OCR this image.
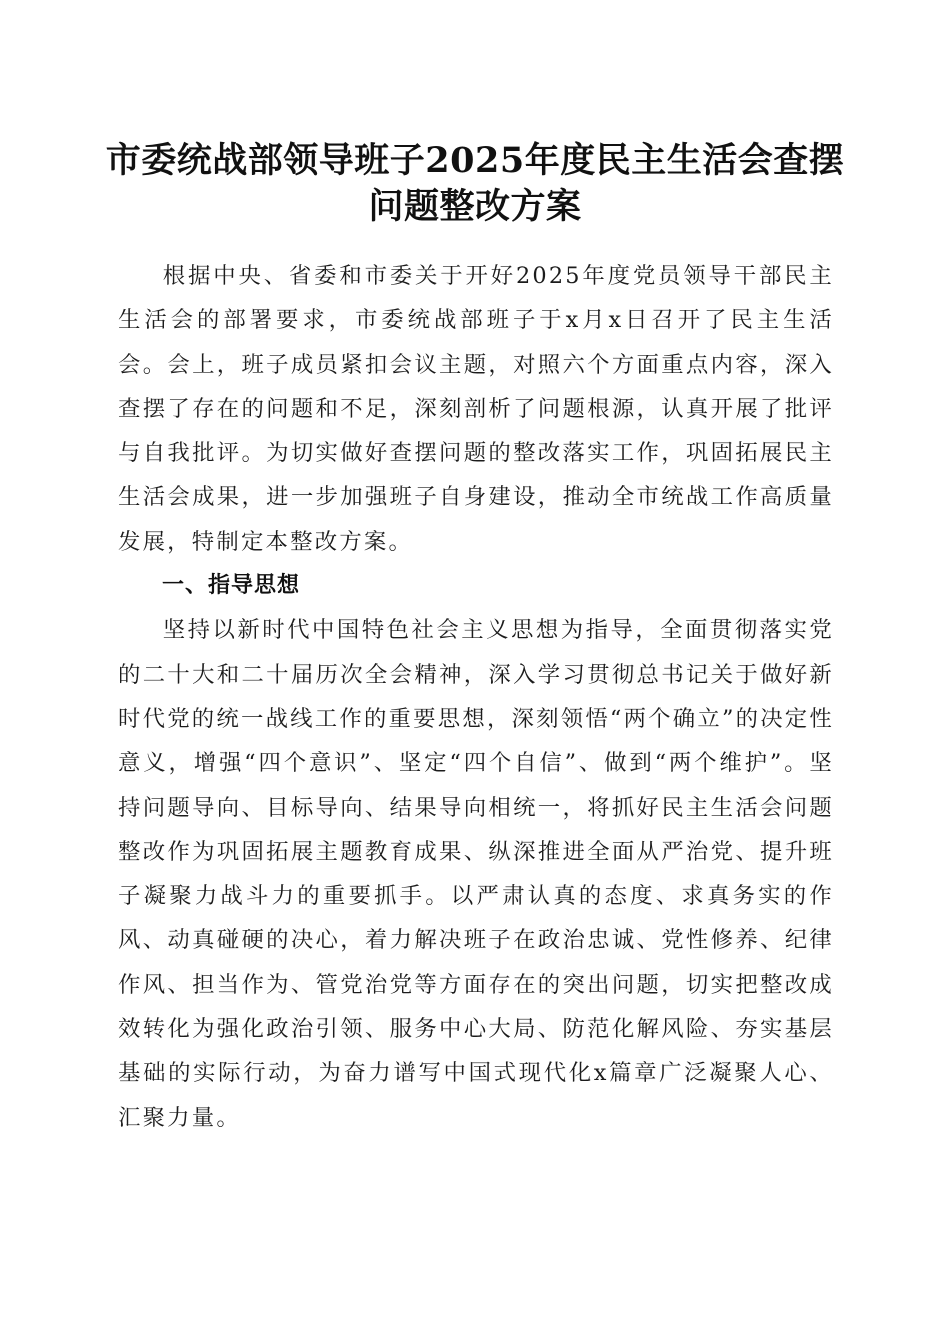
市委统战部领导班子2025年度民主生活会查摆问题整改方案

根据中央、省委和市委关于开好2025年度党员领导干部民主生活会的部署要求，市委统战部班子于x月x日召开了民主生活会。会上，班子成员紧扣会议主题，对照六个方面重点内容，深入查摆了存在的问题和不足，深刻剖析了问题根源，认真开展了批评与自我批评。为切实做好查摆问题的整改落实工作，巩固拓展民主生活会成果，进一步加强班子自身建设，推动全市统战工作高质量发展，特制定本整改方案。

一、指导思想

坚持以新时代中国特色社会主义思想为指导，全面贯彻落实党的二十大和二十届历次全会精神，深入学习贯彻总书记关于做好新时代党的统一战线工作的重要思想，深刻领悟“两个确立”的决定性意义，增强“四个意识”、坚定“四个自信”、做到“两个维护”。坚持问题导向、目标导向、结果导向相统一，将抓好民主生活会问题整改作为巩固拓展主题教育成果、纵深推进全面从严治党、提升班子凝聚力战斗力的重要抓手。以严肃认真的态度、求真务实的作风、动真碰硬的决心，着力解决班子在政治忠诚、党性修养、纪律作风、担当作为、管党治党等方面存在的突出问题，切实把整改成效转化为强化政治引领、服务中心大局、防范化解风险、夯实基层基础的实际行动，为奋力谱写中国式现代化x篇章广泛凝聚人心、汇聚力量。
